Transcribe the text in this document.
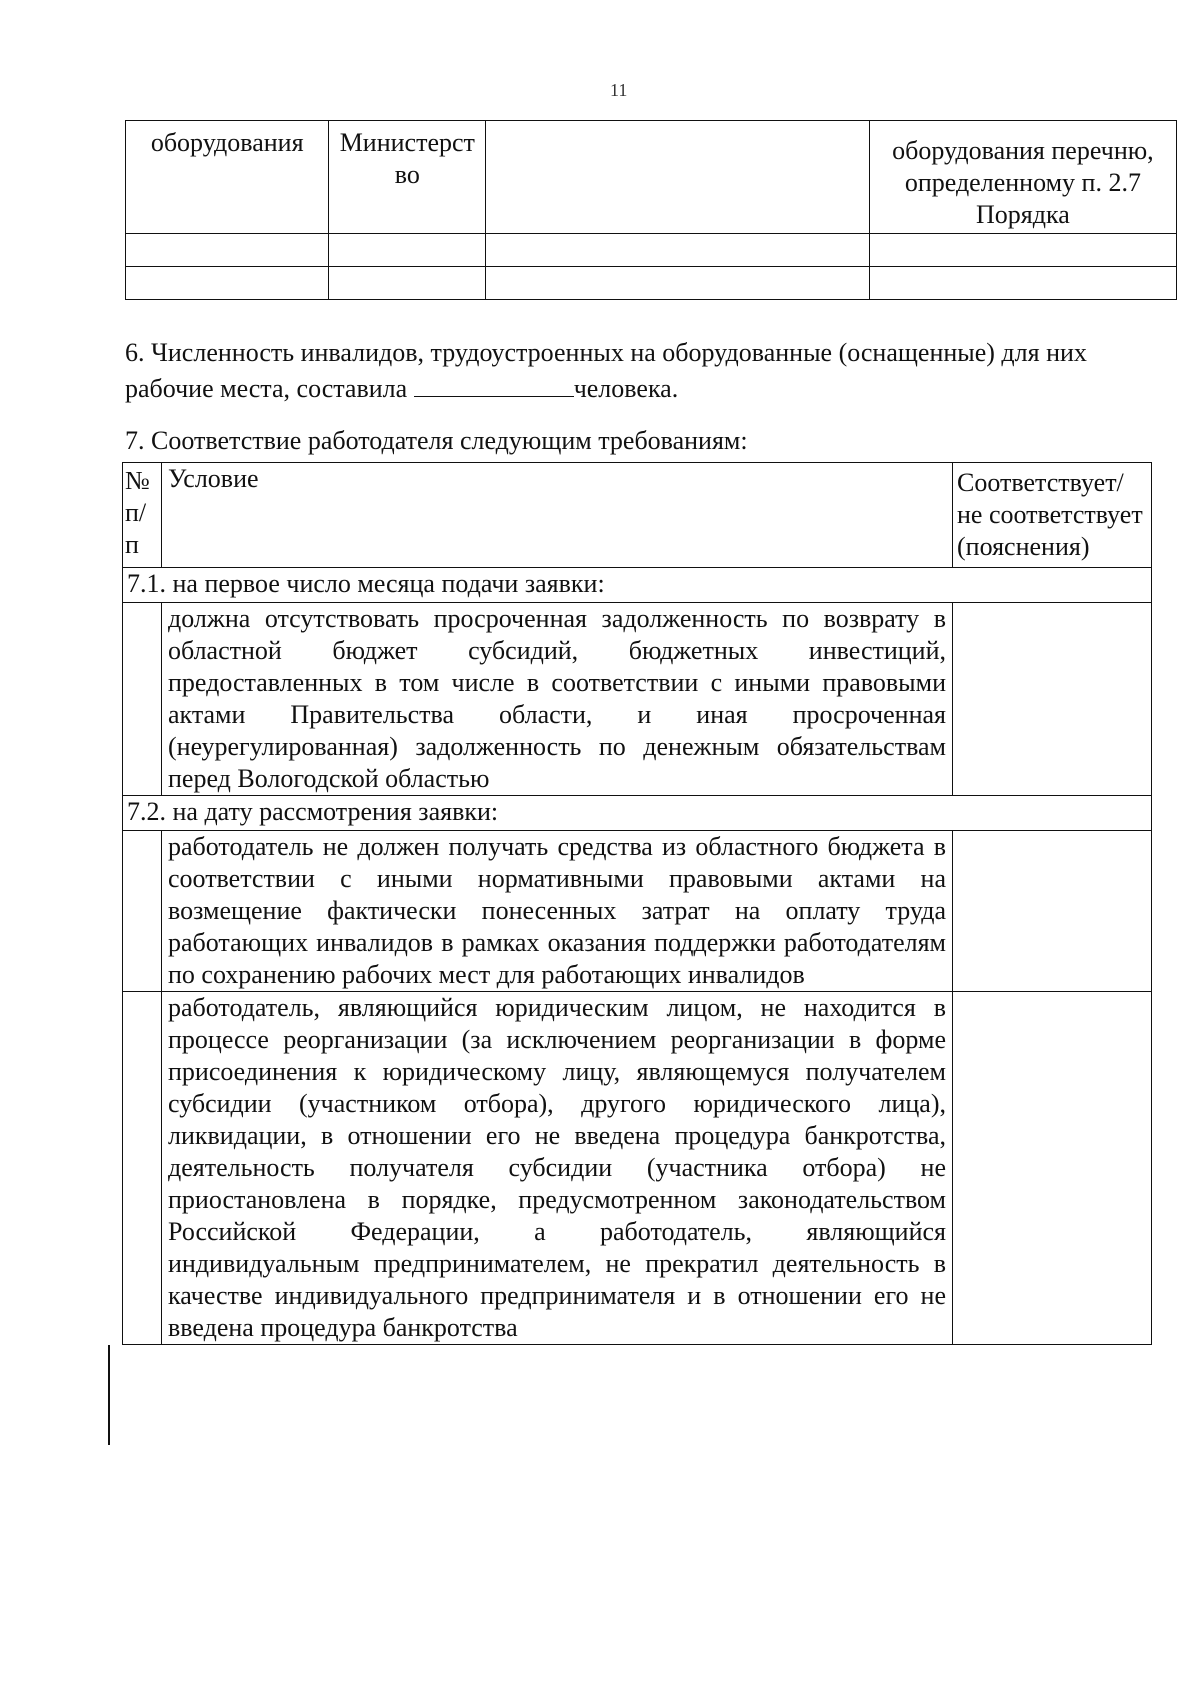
11
оборудования	Министерст во		оборудования перечню, определенному п. 2.7 Порядка

6. Численность инвалидов, трудоустроенных на оборудованные (оснащенные) для них рабочие места, составила	человека.
7. Соответствие работодателя следующим требованиям:
№ п/п	Условие	Соответствует/ не соответствует (пояснения)
7.1. на первое число месяца подачи заявки:		
	должна отсутствовать просроченная задолженность по возврату в областной бюджет субсидий, бюджетных инвестиций, предоставленных в том числе в соответствии с иными правовыми актами Правительства области, и иная просроченная (неурегулированная) задолженность по денежным обязательствам перед Вологодской областью	
7.2. на дату рассмотрения заявки:		
	работодатель не должен получать средства из областного бюджета в соответствии с иными нормативными правовыми актами на возмещение фактически понесенных затрат на оплату труда работающих инвалидов в рамках оказания поддержки работодателям по сохранению рабочих мест для работающих инвалидов	
	работодатель, являющийся юридическим лицом, не находится в процессе реорганизации (за исключением реорганизации в форме присоединения к юридическому лицу, являющемуся получателем субсидии (участником отбора), другого юридического лица), ликвидации, в отношении его не введена процедура банкротства, деятельность получателя субсидии (участника отбора) не приостановлена в порядке, предусмотренном законодательством Российской Федерации, а работодатель, являющийся индивидуальным предпринимателем, не прекратил деятельность в качестве индивидуального предпринимателя и в отношении его не введена процедура банкротства	
